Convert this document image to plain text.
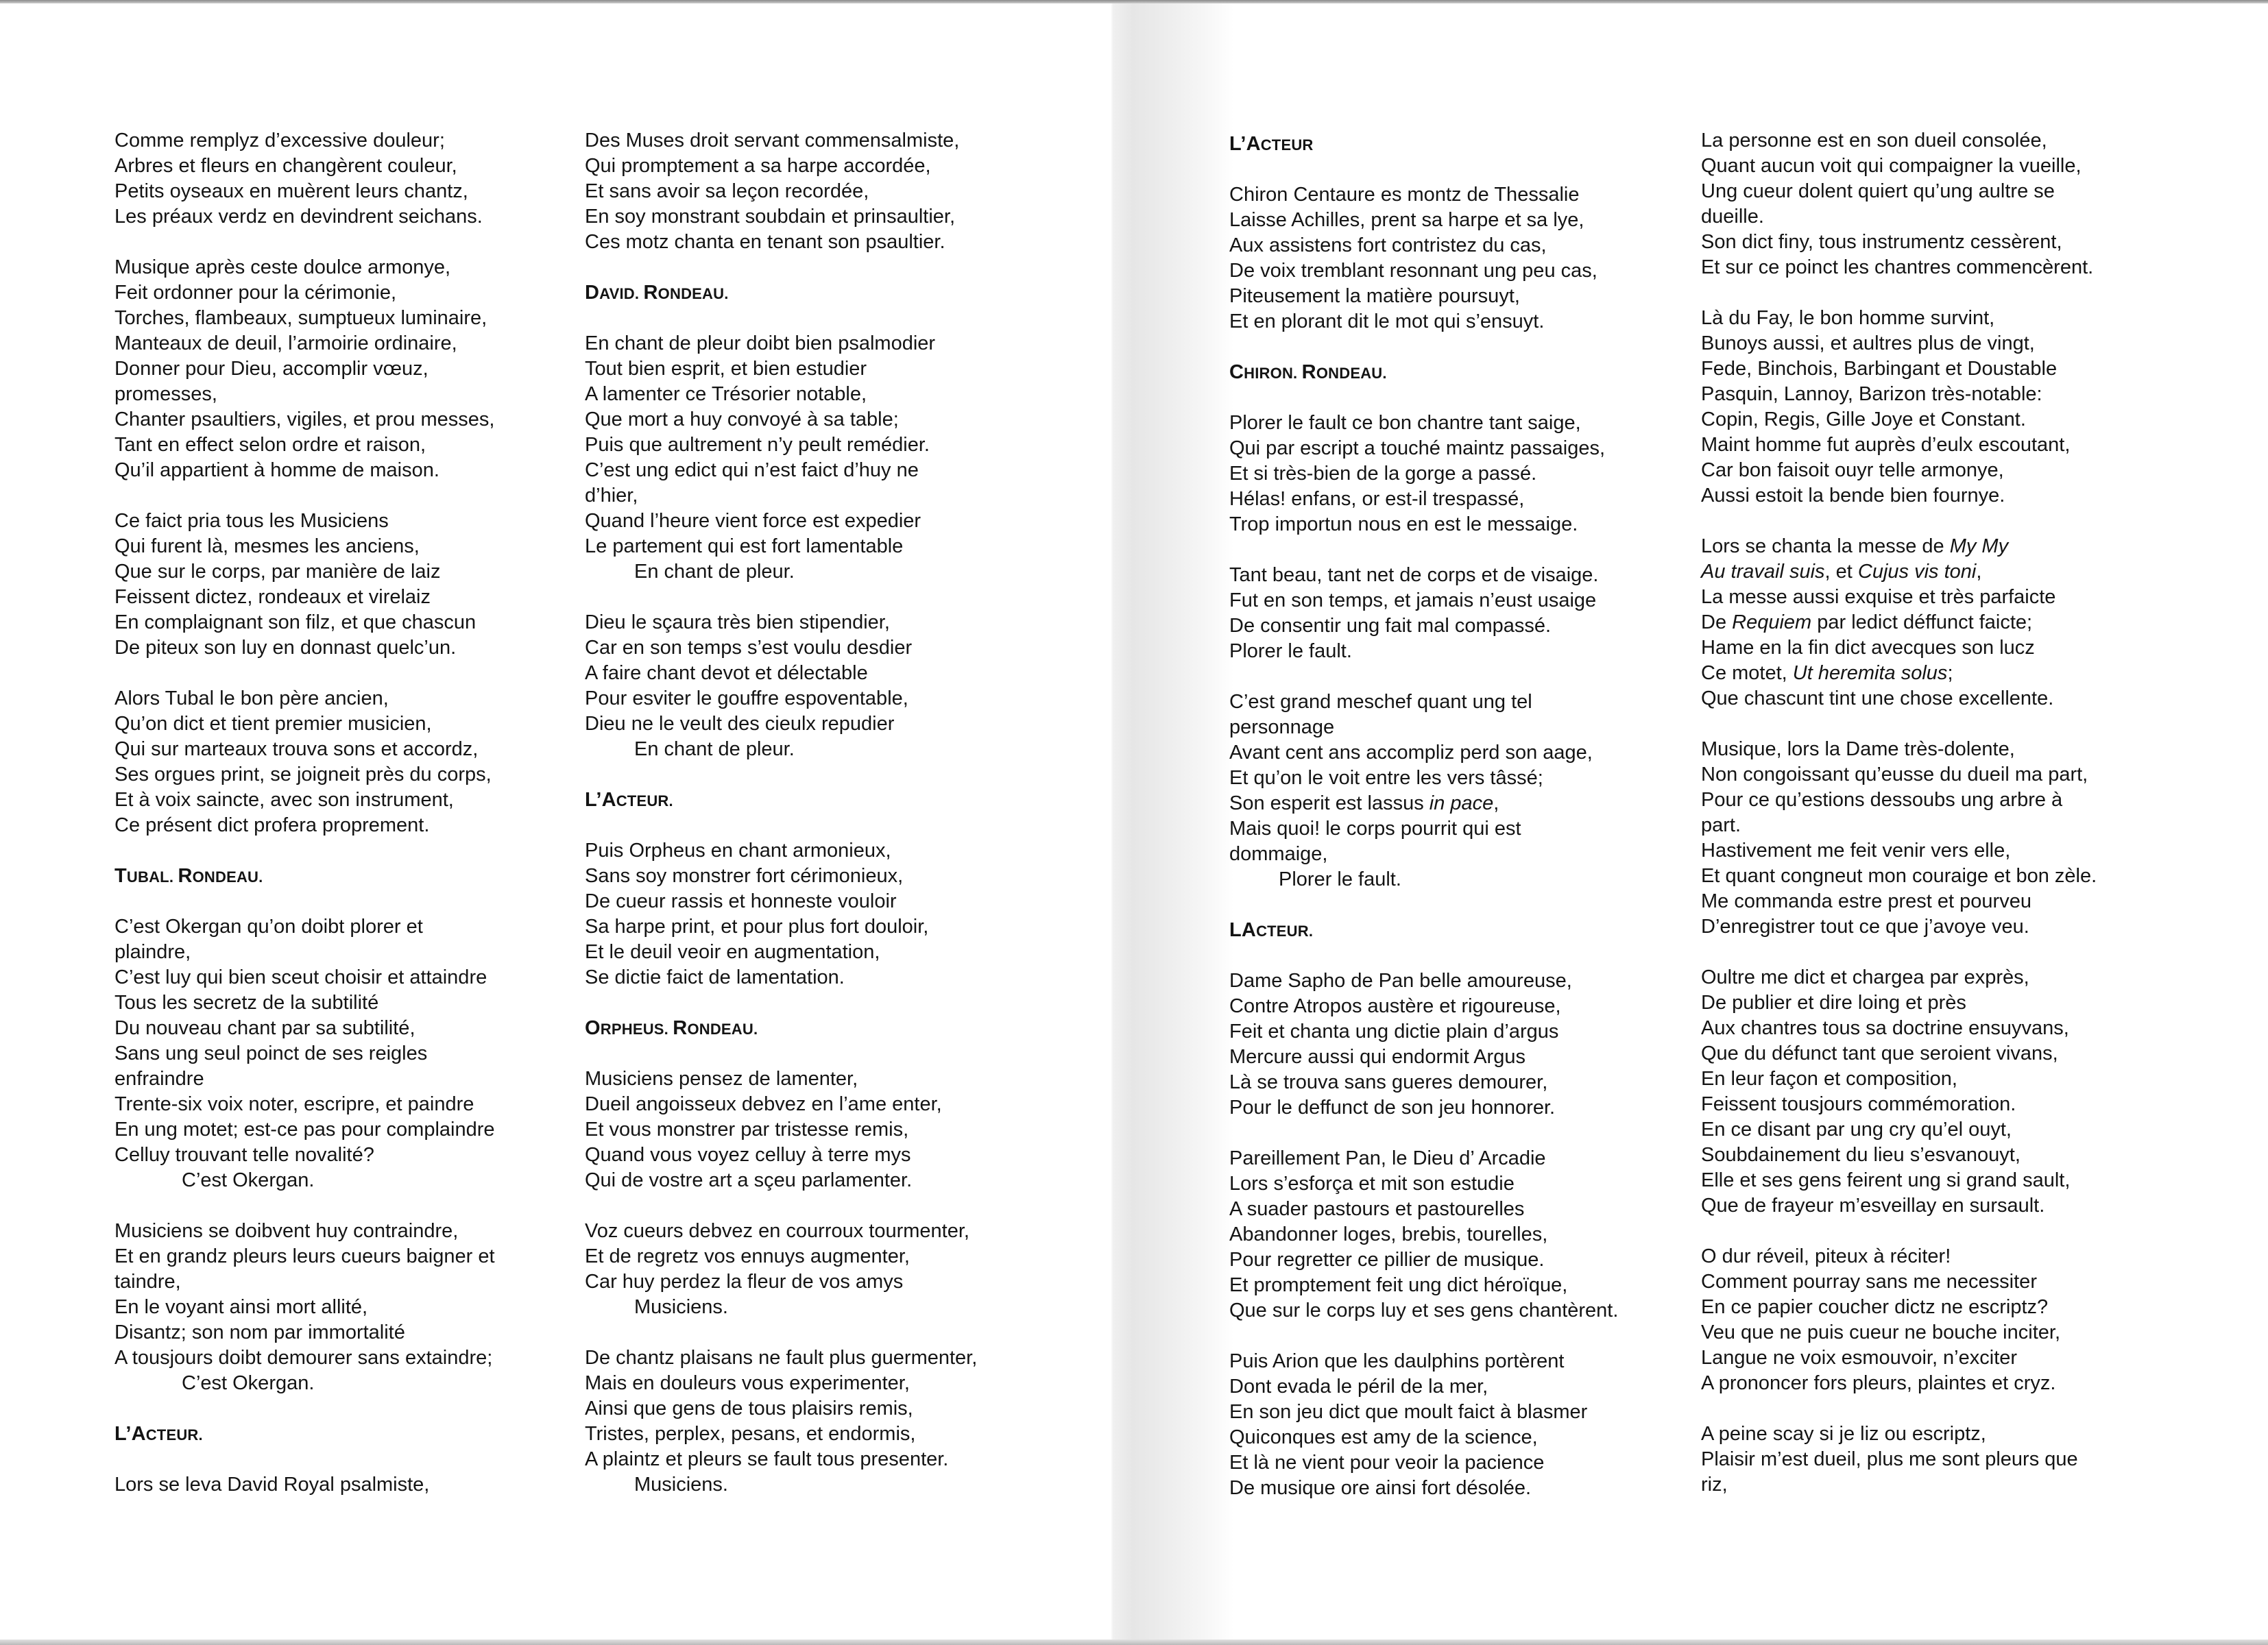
Comme remplyz d’excessive douleur;
Arbres et fleurs en changèrent couleur,
Petits oyseaux en muèrent leurs chantz,
Les préaux verdz en devindrent seichans.
Musique après ceste doulce armonye,
Feit ordonner pour la cérimonie,
Torches, flambeaux, sumptueux luminaire,
Manteaux de deuil, l’armoirie ordinaire,
Donner pour Dieu, accomplir vœuz,
promesses,
Chanter psaultiers, vigiles, et prou messes,
Tant en effect selon ordre et raison,
Qu’il appartient à homme de maison.
Ce faict pria tous les Musiciens
Qui furent là, mesmes les anciens,
Que sur le corps, par manière de laiz
Feissent dictez, rondeaux et virelaiz
En complaignant son filz, et que chascun
De piteux son luy en donnast quelc’un.
Alors Tubal le bon père ancien,
Qu’on dict et tient premier musicien,
Qui sur marteaux trouva sons et accordz,
Ses orgues print, se joigneit près du corps,
Et à voix saincte, avec son instrument,
Ce présent dict profera proprement.
TUBAL. RONDEAU.
C’est Okergan qu’on doibt plorer et
plaindre,
C’est luy qui bien sceut choisir et attaindre
Tous les secretz de la subtilité
Du nouveau chant par sa subtilité,
Sans ung seul poinct de ses reigles
enfraindre
Trente-six voix noter, escripre, et paindre
En ung motet; est-ce pas pour complaindre
Celluy trouvant telle novalité?
C’est Okergan.
Musiciens se doibvent huy contraindre,
Et en grandz pleurs leurs cueurs baigner et
taindre,
En le voyant ainsi mort allité,
Disantz; son nom par immortalité
A tousjours doibt demourer sans extaindre;
C’est Okergan.
L’ACTEUR.
Lors se leva David Royal psalmiste,
Des Muses droit servant commensalmiste,
Qui promptement a sa harpe accordée,
Et sans avoir sa leçon recordée,
En soy monstrant soubdain et prinsaultier,
Ces motz chanta en tenant son psaultier.
DAVID. RONDEAU.
En chant de pleur doibt bien psalmodier
Tout bien esprit, et bien estudier
A lamenter ce Trésorier notable,
Que mort a huy convoyé à sa table;
Puis que aultrement n’y peult remédier.
C’est ung edict qui n’est faict d’huy ne
d’hier,
Quand l’heure vient force est expedier
Le partement qui est fort lamentable
En chant de pleur.
Dieu le sçaura très bien stipendier,
Car en son temps s’est voulu desdier
A faire chant devot et délectable
Pour esviter le gouffre espoventable,
Dieu ne le veult des cieulx repudier
En chant de pleur.
L’ACTEUR.
Puis Orpheus en chant armonieux,
Sans soy monstrer fort cérimonieux,
De cueur rassis et honneste vouloir
Sa harpe print, et pour plus fort douloir,
Et le deuil veoir en augmentation,
Se dictie faict de lamentation.
ORPHEUS. RONDEAU.
Musiciens pensez de lamenter,
Dueil angoisseux debvez en l’ame enter,
Et vous monstrer par tristesse remis,
Quand vous voyez celluy à terre mys
Qui de vostre art a sçeu parlamenter.
Voz cueurs debvez en courroux tourmenter,
Et de regretz vos ennuys augmenter,
Car huy perdez la fleur de vos amys
Musiciens.
De chantz plaisans ne fault plus guermenter,
Mais en douleurs vous experimenter,
Ainsi que gens de tous plaisirs remis,
Tristes, perplex, pesans, et endormis,
A plaintz et pleurs se fault tous presenter.
Musiciens.
L’ACTEUR
Chiron Centaure es montz de Thessalie
Laisse Achilles, prent sa harpe et sa lye,
Aux assistens fort contristez du cas,
De voix tremblant resonnant ung peu cas,
Piteusement la matière poursuyt,
Et en plorant dit le mot qui s’ensuyt.
CHIRON. RONDEAU.
Plorer le fault ce bon chantre tant saige,
Qui par escript a touché maintz passaiges,
Et si très-bien de la gorge a passé.
Hélas! enfans, or est-il trespassé,
Trop importun nous en est le messaige.
Tant beau, tant net de corps et de visaige.
Fut en son temps, et jamais n’eust usaige
De consentir ung fait mal compassé.
Plorer le fault.
C’est grand meschef quant ung tel
personnage
Avant cent ans accompliz perd son aage,
Et qu’on le voit entre les vers tâssé;
Son esperit est lassus in pace,
Mais quoi! le corps pourrit qui est
dommaige,
Plorer le fault.
LACTEUR.
Dame Sapho de Pan belle amoureuse,
Contre Atropos austère et rigoureuse,
Feit et chanta ung dictie plain d’argus
Mercure aussi qui endormit Argus
Là se trouva sans gueres demourer,
Pour le deffunct de son jeu honnorer.
Pareillement Pan, le Dieu d’ Arcadie
Lors s’esforça et mit son estudie
A suader pastours et pastourelles
Abandonner loges, brebis, tourelles,
Pour regretter ce pillier de musique.
Et promptement feit ung dict héroïque,
Que sur le corps luy et ses gens chantèrent.
Puis Arion que les daulphins portèrent
Dont evada le péril de la mer,
En son jeu dict que moult faict à blasmer
Quiconques est amy de la science,
Et là ne vient pour veoir la pacience
De musique ore ainsi fort désolée.
La personne est en son dueil consolée,
Quant aucun voit qui compaigner la vueille,
Ung cueur dolent quiert qu’ung aultre se
dueille.
Son dict finy, tous instrumentz cessèrent,
Et sur ce poinct les chantres commencèrent.
Là du Fay, le bon homme survint,
Bunoys aussi, et aultres plus de vingt,
Fede, Binchois, Barbingant et Doustable
Pasquin, Lannoy, Barizon très-notable:
Copin, Regis, Gille Joye et Constant.
Maint homme fut auprès d’eulx escoutant,
Car bon faisoit ouyr telle armonye,
Aussi estoit la bende bien fournye.
Lors se chanta la messe de My My
Au travail suis, et Cujus vis toni,
La messe aussi exquise et très parfaicte
De Requiem par ledict déffunct faicte;
Hame en la fin dict avecques son lucz
Ce motet, Ut heremita solus;
Que chascunt tint une chose excellente.
Musique, lors la Dame très-dolente,
Non congoissant qu’eusse du dueil ma part,
Pour ce qu’estions dessoubs ung arbre à
part.
Hastivement me feit venir vers elle,
Et quant congneut mon couraige et bon zèle.
Me commanda estre prest et pourveu
D’enregistrer tout ce que j’avoye veu.
Oultre me dict et chargea par exprès,
De publier et dire loing et près
Aux chantres tous sa doctrine ensuyvans,
Que du défunct tant que seroient vivans,
En leur façon et composition,
Feissent tousjours commémoration.
En ce disant par ung cry qu’el ouyt,
Soubdainement du lieu s’esvanouyt,
Elle et ses gens feirent ung si grand sault,
Que de frayeur m’esveillay en sursault.
O dur réveil, piteux à réciter!
Comment pourray sans me necessiter
En ce papier coucher dictz ne escriptz?
Veu que ne puis cueur ne bouche inciter,
Langue ne voix esmouvoir, n’exciter
A prononcer fors pleurs, plaintes et cryz.
A peine scay si je liz ou escriptz,
Plaisir m’est dueil, plus me sont pleurs que
riz,
